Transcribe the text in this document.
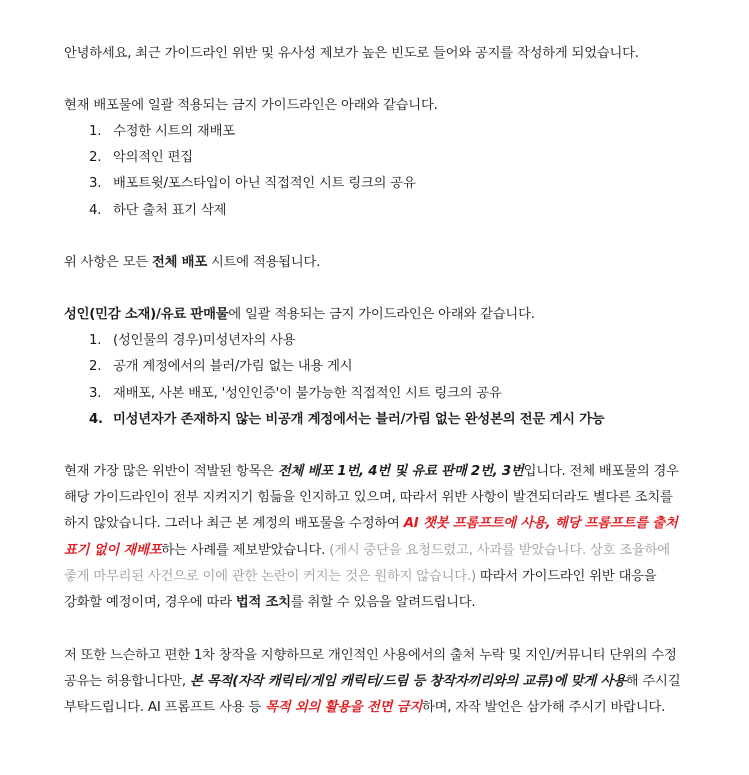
안녕하세요, 최근 가이드라인 위반 및 유사성 제보가 높은 빈도로 들어와 공지를 작성하게 되었습니다.
현재 배포물에 일괄 적용되는 금지 가이드라인은 아래와 같습니다.
1. 수정한 시트의 재배포
2. 악의적인 편집
3. 배포트윗/포스타입이 아닌 직접적인 시트 링크의 공유
4. 하단 출처 표기 삭제
위 사항은 모든 전체 배포 시트에 적용됩니다.
성인(민감 소재)/유료 판매물에 일괄 적용되는 금지 가이드라인은 아래와 같습니다.
1. (성인물의 경우)미성년자의 사용
2. 공개 계정에서의 블러/가림 없는 내용 게시
3. 재배포, 사본 배포, '성인인증'이 불가능한 직접적인 시트 링크의 공유
4. 미성년자가 존재하지 않는 비공개 계정에서는 블러/가림 없는 완성본의 전문 게시 가능
현재 가장 많은 위반이 적발된 항목은 전체 배포 1번, 4번 및 유료 판매 2번, 3번입니다. 전체 배포물의 경우
해당 가이드라인이 전부 지켜지기 힘듦을 인지하고 있으며, 따라서 위반 사항이 발견되더라도 별다른 조치를
하지 않았습니다. 그러나 최근 본 계정의 배포물을 수정하여 AI 챗봇 프롬프트에 사용, 해당 프롬프트를 출처
표기 없이 재배포하는 사례를 제보받았습니다. (게시 중단을 요청드렸고, 사과를 받았습니다. 상호 조율하에
좋게 마무리된 사건으로 이에 관한 논란이 커지는 것은 원하지 않습니다.) 따라서 가이드라인 위반 대응을
강화할 예정이며, 경우에 따라 법적 조치를 취할 수 있음을 알려드립니다.
저 또한 느슨하고 편한 1차 창작을 지향하므로 개인적인 사용에서의 출처 누락 및 지인/커뮤니티 단위의 수정
공유는 허용합니다만, 본 목적(자작 캐릭터/게임 캐릭터/드림 등 창작자끼리와의 교류)에 맞게 사용해 주시길
부탁드립니다. AI 프롬프트 사용 등 목적 외의 활용을 전면 금지하며, 자작 발언은 삼가해 주시기 바랍니다.
